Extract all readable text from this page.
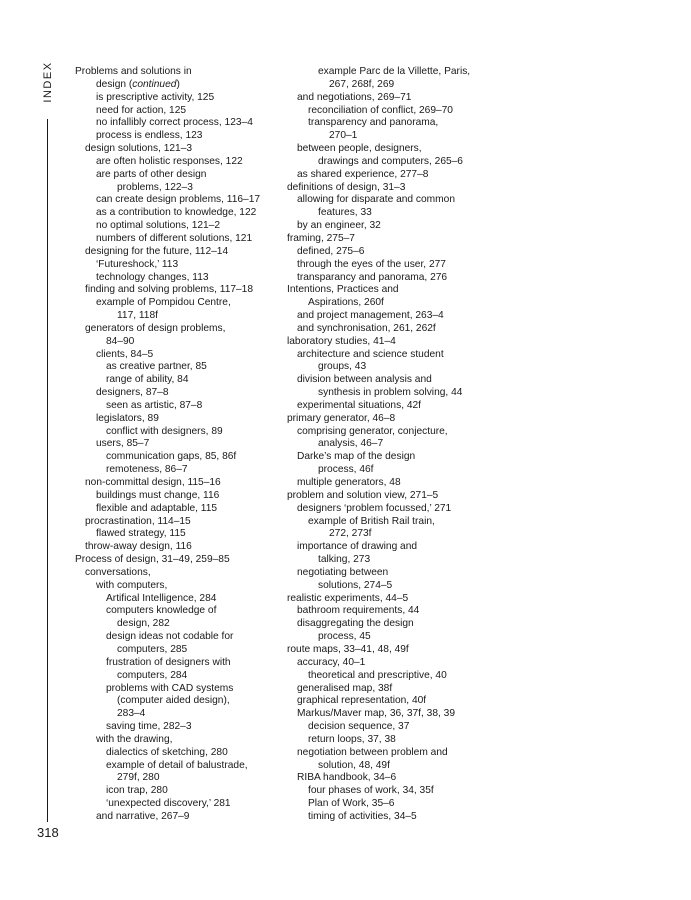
INDEX
318
Problems and solutions in
design (continued)
is prescriptive activity, 125
need for action, 125
no infallibly correct process, 123–4
process is endless, 123
design solutions, 121–3
are often holistic responses, 122
are parts of other design
problems, 122–3
can create design problems, 116–17
as a contribution to knowledge, 122
no optimal solutions, 121–2
numbers of different solutions, 121
designing for the future, 112–14
‘Futureshock,’ 113
technology changes, 113
finding and solving problems, 117–18
example of Pompidou Centre,
117, 118f
generators of design problems,
84–90
clients, 84–5
as creative partner, 85
range of ability, 84
designers, 87–8
seen as artistic, 87–8
legislators, 89
conflict with designers, 89
users, 85–7
communication gaps, 85, 86f
remoteness, 86–7
non-committal design, 115–16
buildings must change, 116
flexible and adaptable, 115
procrastination, 114–15
flawed strategy, 115
throw-away design, 116
Process of design, 31–49, 259–85
conversations,
with computers,
Artifical Intelligence, 284
computers knowledge of
design, 282
design ideas not codable for
computers, 285
frustration of designers with
computers, 284
problems with CAD systems
(computer aided design),
283–4
saving time, 282–3
with the drawing,
dialectics of sketching, 280
example of detail of balustrade,
279f, 280
icon trap, 280
‘unexpected discovery,’ 281
and narrative, 267–9
example Parc de la Villette, Paris,
267, 268f, 269
and negotiations, 269–71
reconciliation of conflict, 269–70
transparency and panorama,
270–1
between people, designers,
drawings and computers, 265–6
as shared experience, 277–8
definitions of design, 31–3
allowing for disparate and common
features, 33
by an engineer, 32
framing, 275–7
defined, 275–6
through the eyes of the user, 277
transparancy and panorama, 276
Intentions, Practices and
Aspirations, 260f
and project management, 263–4
and synchronisation, 261, 262f
laboratory studies, 41–4
architecture and science student
groups, 43
division between analysis and
synthesis in problem solving, 44
experimental situations, 42f
primary generator, 46–8
comprising generator, conjecture,
analysis, 46–7
Darke’s map of the design
process, 46f
multiple generators, 48
problem and solution view, 271–5
designers ‘problem focussed,’ 271
example of British Rail train,
272, 273f
importance of drawing and
talking, 273
negotiating between
solutions, 274–5
realistic experiments, 44–5
bathroom requirements, 44
disaggregating the design
process, 45
route maps, 33–41, 48, 49f
accuracy, 40–1
theoretical and prescriptive, 40
generalised map, 38f
graphical representation, 40f
Markus/Maver map, 36, 37f, 38, 39
decision sequence, 37
return loops, 37, 38
negotiation between problem and
solution, 48, 49f
RIBA handbook, 34–6
four phases of work, 34, 35f
Plan of Work, 35–6
timing of activities, 34–5
